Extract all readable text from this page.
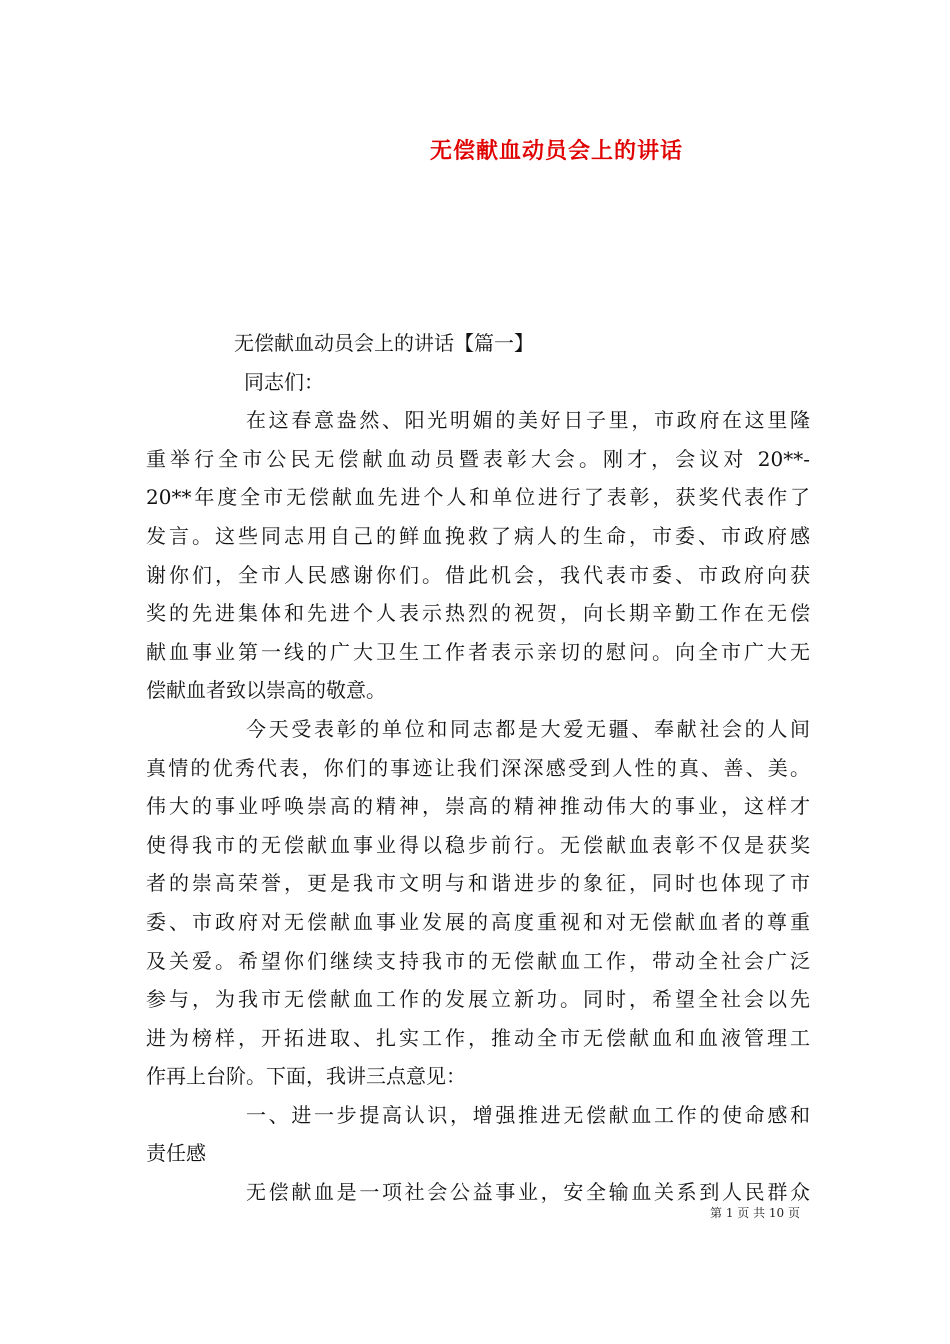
无偿献血动员会上的讲话
无偿献血动员会上的讲话【篇一】
同志们：
在这春意盎然、阳光明媚的美好日子里，市政府在这里隆
重举行全市公民无偿献血动员暨表彰大会。刚才，会议对 20**-
20**年度全市无偿献血先进个人和单位进行了表彰，获奖代表作了
发言。这些同志用自己的鲜血挽救了病人的生命，市委、市政府感
谢你们，全市人民感谢你们。借此机会，我代表市委、市政府向获
奖的先进集体和先进个人表示热烈的祝贺，向长期辛勤工作在无偿
献血事业第一线的广大卫生工作者表示亲切的慰问。向全市广大无
偿献血者致以崇高的敬意。
今天受表彰的单位和同志都是大爱无疆、奉献社会的人间
真情的优秀代表，你们的事迹让我们深深感受到人性的真、善、美。
伟大的事业呼唤崇高的精神，崇高的精神推动伟大的事业，这样才
使得我市的无偿献血事业得以稳步前行。无偿献血表彰不仅是获奖
者的崇高荣誉，更是我市文明与和谐进步的象征，同时也体现了市
委、市政府对无偿献血事业发展的高度重视和对无偿献血者的尊重
及关爱。希望你们继续支持我市的无偿献血工作，带动全社会广泛
参与，为我市无偿献血工作的发展立新功。同时，希望全社会以先
进为榜样，开拓进取、扎实工作，推动全市无偿献血和血液管理工
作再上台阶。下面，我讲三点意见：
一、进一步提高认识，增强推进无偿献血工作的使命感和
责任感
无偿献血是一项社会公益事业，安全输血关系到人民群众
第 1 页 共 10 页
